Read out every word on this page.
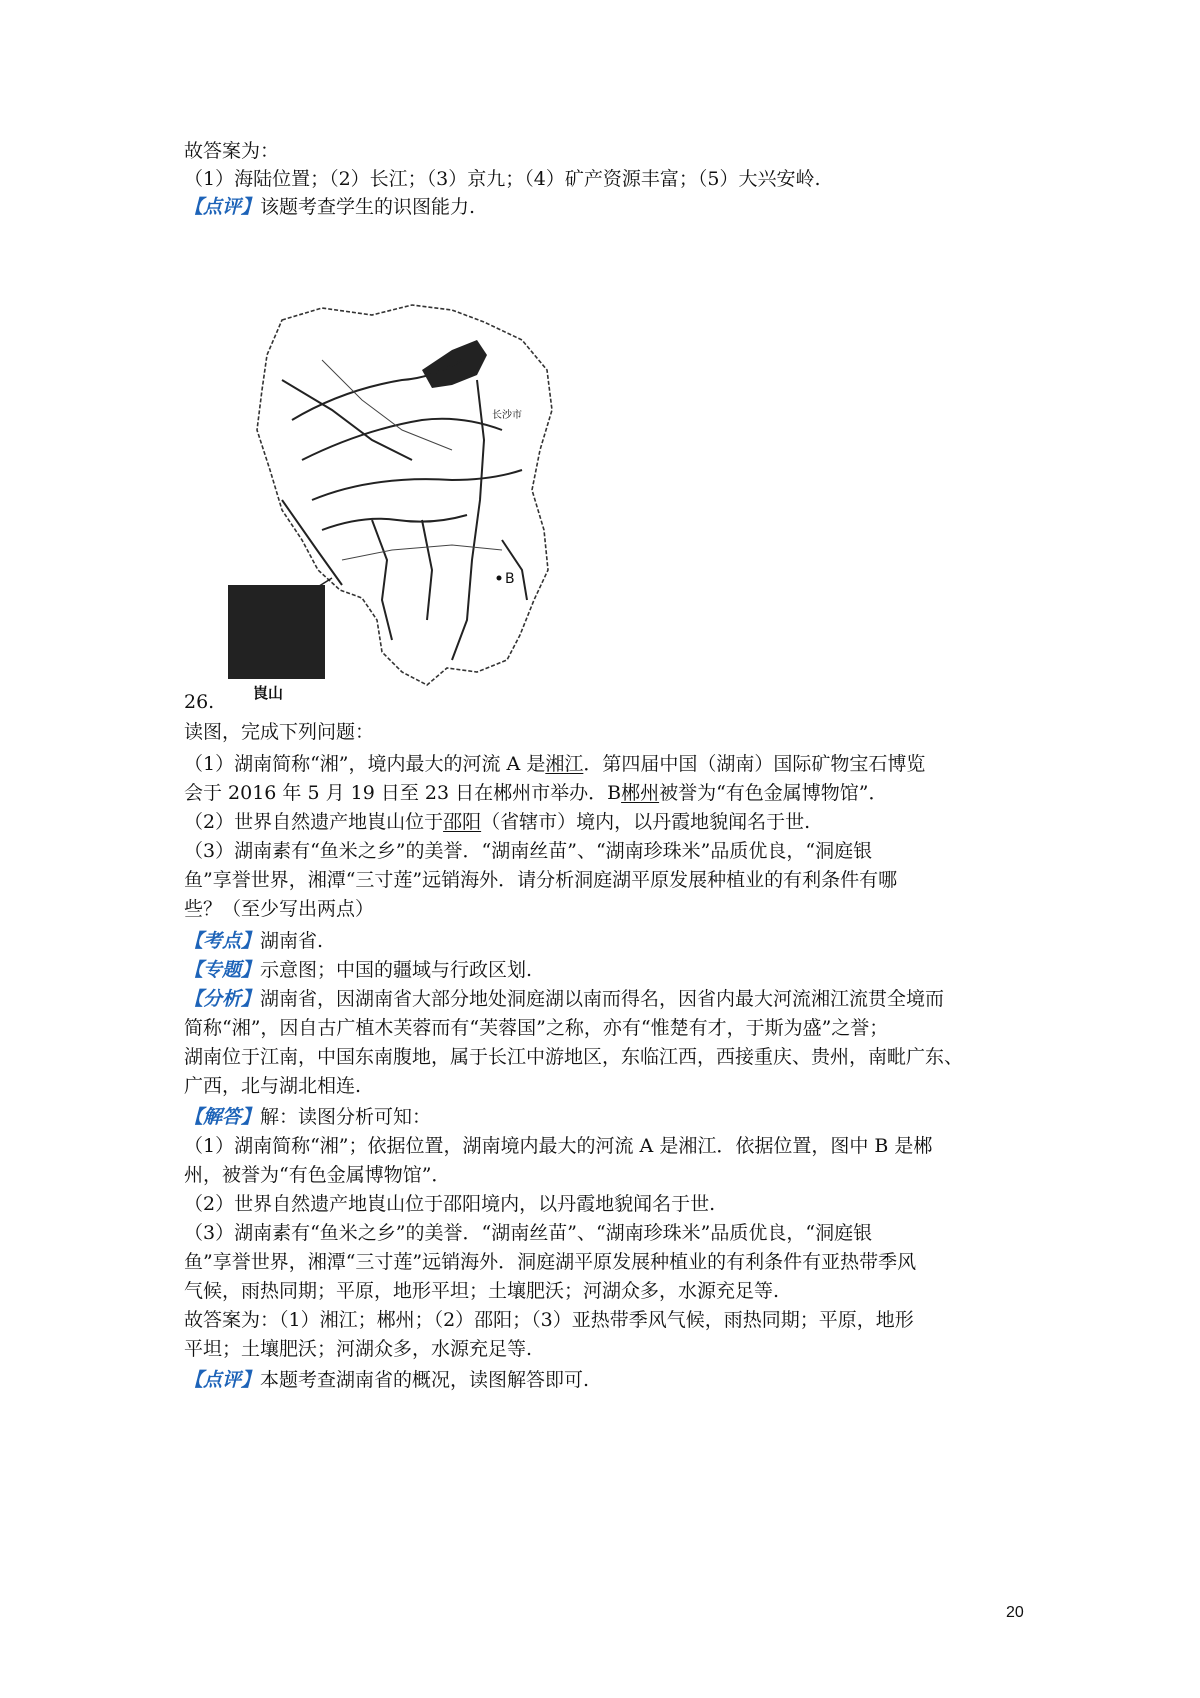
故答案为：
（1）海陆位置；（2）长江；（3）京九；（4）矿产资源丰富；（5）大兴安岭.
【点评】该题考查学生的识图能力.
长沙市
B
崀山
26.
读图，完成下列问题：
（1）湖南简称“湘”，境内最大的河流 A 是湘江．第四届中国（湖南）国际矿物宝石博览
会于 2016 年 5 月 19 日至 23 日在郴州市举办．B郴州被誉为“有色金属博物馆”．
（2）世界自然遗产地崀山位于邵阳（省辖市）境内，以丹霞地貌闻名于世.
（3）湖南素有“鱼米之乡”的美誉．“湖南丝苗”、“湖南珍珠米”品质优良，“洞庭银
鱼”享誉世界，湘潭“三寸莲”远销海外．请分析洞庭湖平原发展种植业的有利条件有哪
些？（至少写出两点）
【考点】湖南省.
【专题】示意图；中国的疆域与行政区划.
【分析】湖南省，因湖南省大部分地处洞庭湖以南而得名，因省内最大河流湘江流贯全境而
简称“湘”，因自古广植木芙蓉而有“芙蓉国”之称，亦有“惟楚有才，于斯为盛”之誉；
湖南位于江南，中国东南腹地，属于长江中游地区，东临江西，西接重庆、贵州，南毗广东、
广西，北与湖北相连.
【解答】解：读图分析可知：
（1）湖南简称“湘”；依据位置，湖南境内最大的河流 A 是湘江．依据位置，图中 B 是郴
州，被誉为“有色金属博物馆”．
（2）世界自然遗产地崀山位于邵阳境内，以丹霞地貌闻名于世.
（3）湖南素有“鱼米之乡”的美誉．“湖南丝苗”、“湖南珍珠米”品质优良，“洞庭银
鱼”享誉世界，湘潭“三寸莲”远销海外．洞庭湖平原发展种植业的有利条件有亚热带季风
气候，雨热同期；平原，地形平坦；土壤肥沃；河湖众多，水源充足等.
故答案为：（1）湘江；郴州；（2）邵阳；（3）亚热带季风气候，雨热同期；平原，地形
平坦；土壤肥沃；河湖众多，水源充足等.
【点评】本题考查湖南省的概况，读图解答即可.
20
